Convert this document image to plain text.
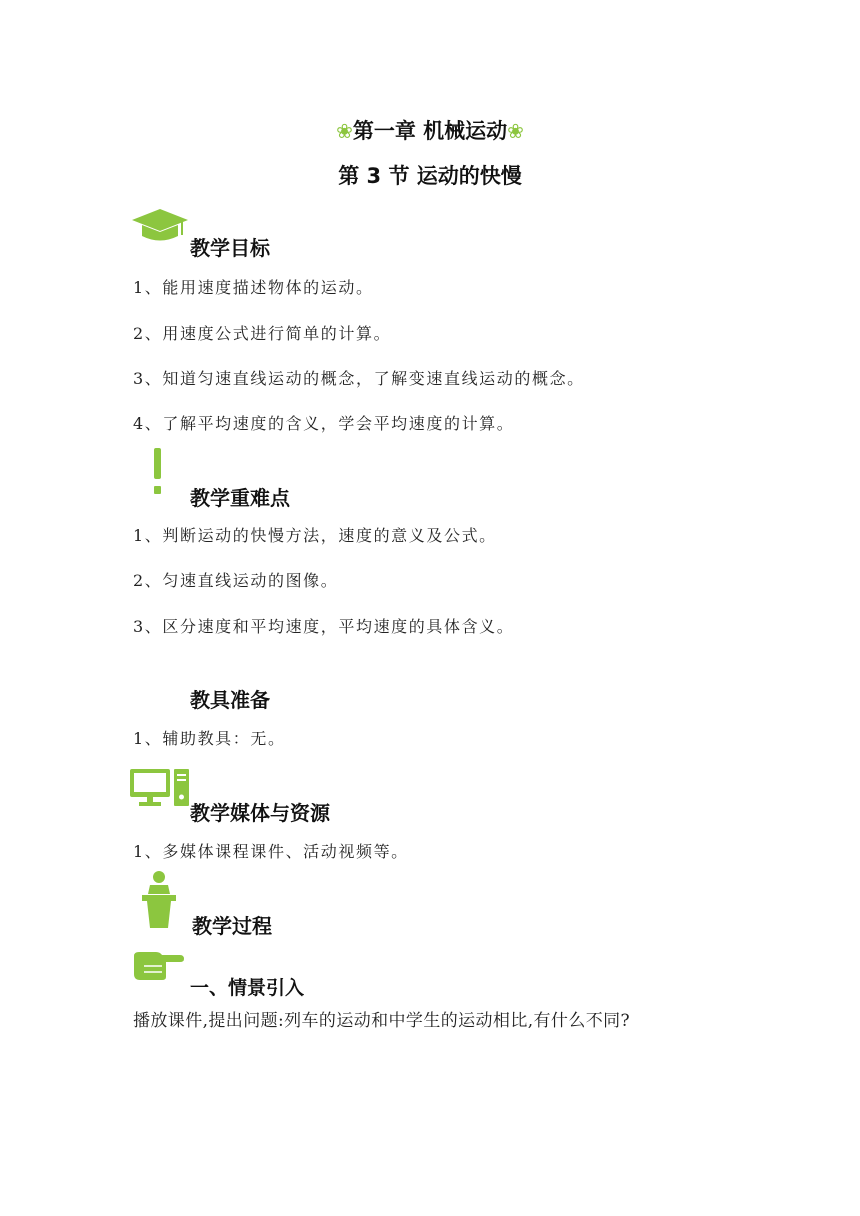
❀第一章 机械运动❀
第 3 节 运动的快慢
教学目标
1、能用速度描述物体的运动。
2、用速度公式进行简单的计算。
3、知道匀速直线运动的概念，了解变速直线运动的概念。
4、了解平均速度的含义，学会平均速度的计算。
教学重难点
1、判断运动的快慢方法，速度的意义及公式。
2、匀速直线运动的图像。
3、区分速度和平均速度，平均速度的具体含义。
教具准备
1、辅助教具：无。
教学媒体与资源
1、多媒体课程课件、活动视频等。
教学过程
一、情景引入
播放课件,提出问题:列车的运动和中学生的运动相比,有什么不同?
